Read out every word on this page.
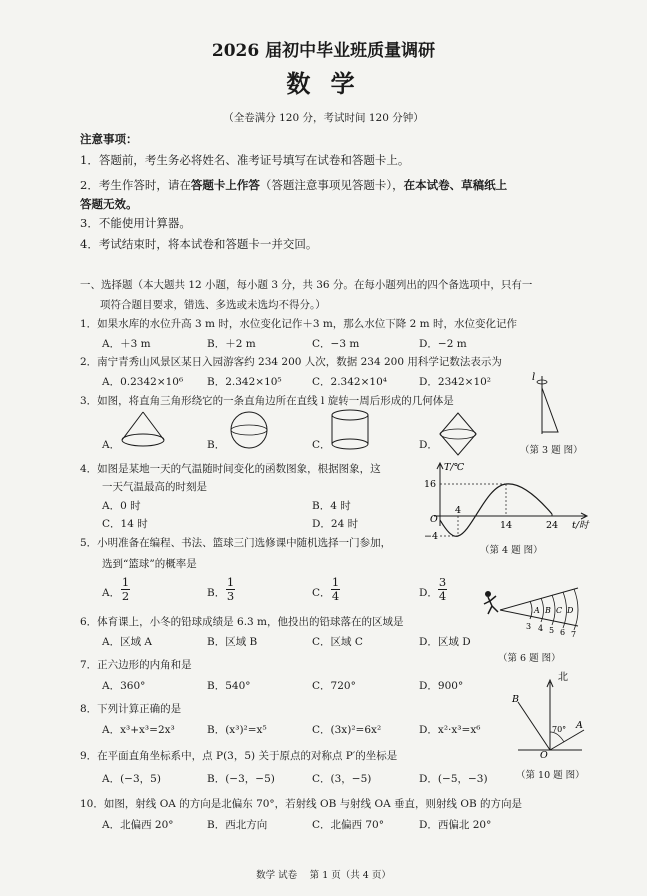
2026 届初中毕业班质量调研
数 学
（全卷满分 120 分，考试时间 120 分钟）
注意事项：
1．答题前，考生务必将姓名、准考证号填写在试卷和答题卡上。
2．考生作答时，请在答题卡上作答（答题注意事项见答题卡），在本试卷、草稿纸上
答题无效。
3．不能使用计算器。
4．考试结束时，将本试卷和答题卡一并交回。
一、选择题（本大题共 12 小题，每小题 3 分，共 36 分。在每小题列出的四个备选项中，只有一
项符合题目要求，错选、多选或未选均不得分。）
1．如果水库的水位升高 3 m 时，水位变化记作＋3 m，那么水位下降 2 m 时，水位变化记作
A．＋3 m	B．＋2 m	C．−3 m	D．−2 m
2．南宁青秀山风景区某日入园游客约 234 200 人次，数据 234 200 用科学记数法表示为
A．0.2342×10⁶ B．2.342×10⁵	C．2.342×10⁴	D．2342×10²
3．如图，将直角三角形绕它的一条直角边所在直线 l 旋转一周后形成的几何体是
A．	B．	C．	D．
l
（第 3 题 图）
4．如图是某地一天的气温随时间变化的函数图象，根据图象，这
一天气温最高的时刻是
A．0 时	B．4 时
C．14 时	D．24 时
T/℃
t/时
O
16
−4
4
14	24
（第 4 题 图）
5．小明准备在编程、书法、篮球三门选修课中随机选择一门参加，
选到“篮球”的概率是
A．
1
2	B．
1
3	C．
1
4	D．
3
4
A B C D
3 4 5 6 7
6．体育课上，小冬的铅球成绩是 6.3 m，他投出的铅球落在的区域是
A．区域 A	B．区域 B	C．区域 C	D．区域 D
（第 6 题 图）
7．正六边形的内角和是
A．360°	B．540°	C．720°	D．900°
北
70° A
B
O
8．下列计算正确的是
A．x³+x³=2x³	B．(x³)²=x⁵	C．(3x)²=6x²	D．x²·x³=x⁶
9．在平面直角坐标系中，点 P(3，5) 关于原点的对称点 P′的坐标是
A．(−3，5)	B．(−3，−5)	C．(3，−5)	D．(−5，−3)	（第 10 题 图）
10．如图，射线 OA 的方向是北偏东 70°，若射线 OB 与射线 OA 垂直，则射线 OB 的方向是
A．北偏西 20°	B．西北方向	C．北偏西 70°	D．西偏北 20°
数学 试卷　 第 1 页（共 4 页）
